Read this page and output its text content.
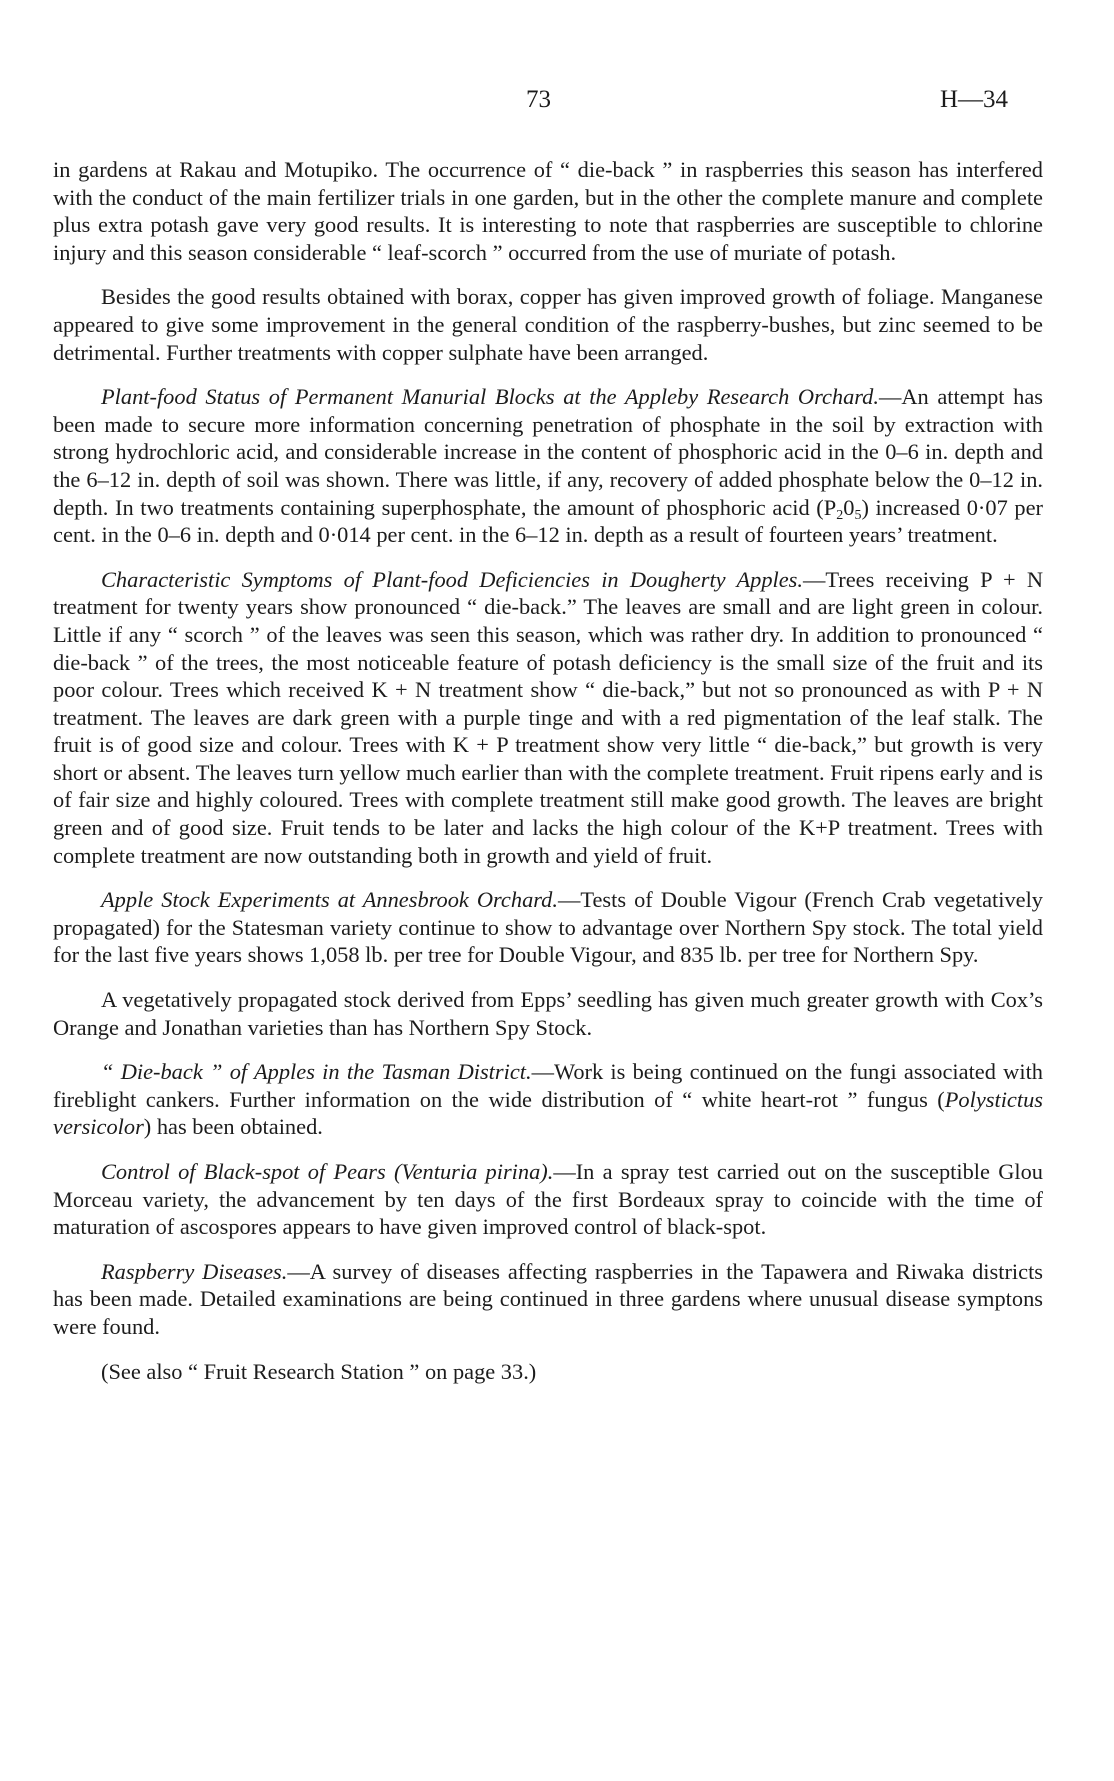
73	H—34

in gardens at Rakau and Motupiko. The occurrence of “ die-back ” in raspberries this season has interfered with the conduct of the main fertilizer trials in one garden, but in the other the complete manure and complete plus extra potash gave very good results. It is interesting to note that raspberries are susceptible to chlorine injury and this season considerable “ leaf-scorch ” occurred from the use of muriate of potash.

Besides the good results obtained with borax, copper has given improved growth of foliage. Manganese appeared to give some improvement in the general condition of the raspberry-bushes, but zinc seemed to be detrimental. Further treatments with copper sulphate have been arranged.

Plant-food Status of Permanent Manurial Blocks at the Appleby Research Orchard.—An attempt has been made to secure more information concerning penetration of phosphate in the soil by extraction with strong hydrochloric acid, and considerable increase in the content of phosphoric acid in the 0–6 in. depth and the 6–12 in. depth of soil was shown. There was little, if any, recovery of added phosphate below the 0–12 in. depth. In two treatments containing superphosphate, the amount of phosphoric acid $(P_20_5)$ increased 0·07 per cent. in the 0–6 in. depth and 0·014 per cent. in the 6–12 in. depth as a result of fourteen years’ treatment.

Characteristic Symptoms of Plant-food Deficiencies in Dougherty Apples.—Trees receiving P + N treatment for twenty years show pronounced “ die-back.” The leaves are small and are light green in colour. Little if any “ scorch ” of the leaves was seen this season, which was rather dry. In addition to pronounced “ die-back ” of the trees, the most noticeable feature of potash deficiency is the small size of the fruit and its poor colour. Trees which received K + N treatment show “ die-back,” but not so pronounced as with P + N treatment. The leaves are dark green with a purple tinge and with a red pigmentation of the leaf stalk. The fruit is of good size and colour. Trees with K + P treatment show very little “ die-back,” but growth is very short or absent. The leaves turn yellow much earlier than with the complete treatment. Fruit ripens early and is of fair size and highly coloured. Trees with complete treatment still make good growth. The leaves are bright green and of good size. Fruit tends to be later and lacks the high colour of the K+P treatment. Trees with complete treatment are now outstanding both in growth and yield of fruit.

Apple Stock Experiments at Annesbrook Orchard.—Tests of Double Vigour (French Crab vegetatively propagated) for the Statesman variety continue to show to advantage over Northern Spy stock. The total yield for the last five years shows 1,058 lb. per tree for Double Vigour, and 835 lb. per tree for Northern Spy.

A vegetatively propagated stock derived from Epps’ seedling has given much greater growth with Cox’s Orange and Jonathan varieties than has Northern Spy Stock.

“ Die-back ” of Apples in the Tasman District.—Work is being continued on the fungi associated with fireblight cankers. Further information on the wide distribution of “ white heart-rot ” fungus (Polystictus versicolor) has been obtained.

Control of Black-spot of Pears (Venturia pirina).—In a spray test carried out on the susceptible Glou Morceau variety, the advancement by ten days of the first Bordeaux spray to coincide with the time of maturation of ascospores appears to have given improved control of black-spot.

Raspberry Diseases.—A survey of diseases affecting raspberries in the Tapawera and Riwaka districts has been made. Detailed examinations are being continued in three gardens where unusual disease symptons were found.

(See also “ Fruit Research Station ” on page 33.)
